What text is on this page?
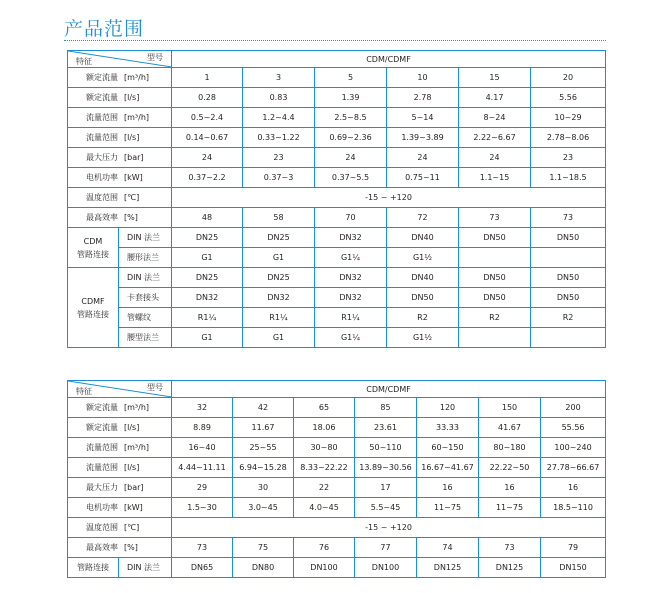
产品范围
型号
特征		CDM/CDMF					
额定流量 [m³/h]		1	3	5	10	15	20
额定流量 [l/s]		0.28	0.83	1.39	2.78	4.17	5.56
流量范围 [m³/h]		0.5~2.4	1.2~4.4	2.5~8.5	5~14	8~24	10~29
流量范围 [l/s]		0.14~0.67	0.33~1.22	0.69~2.36	1.39~3.89	2.22~6.67	2.78~8.06
最大压力 [bar]		24	23	24	24	24	23
电机功率 [kW]		0.37~2.2	0.37~3	0.37~5.5	0.75~11	1.1~15	1.1~18.5
温度范围 [℃]		-15 ~ +120					
最高效率 [%]		48	58	70	72	73	73

CDM
管路连接	DIN 法兰	DN25	DN25	DN32	DN40	DN50	DN50
	腰形法兰	G1	G1	G1¼	G1½		

CDMF
管路连接	DIN 法兰	DN25	DN25	DN32	DN40	DN50	DN50
	卡套接头	DN32	DN32	DN32	DN50	DN50	DN50
	管螺纹	R1¼	R1¼	R1¼	R2	R2	R2
	腰型法兰	G1	G1	G1¼	G1½		
型号
特征		CDM/CDMF						
额定流量 [m³/h]		32	42	65	85	120	150	200
额定流量 [l/s]		8.89	11.67	18.06	23.61	33.33	41.67	55.56
流量范围 [m³/h]		16~40	25~55	30~80	50~110	60~150	80~180	100~240
流量范围 [l/s]		4.44~11.11	6.94~15.28	8.33~22.22	13.89~30.56	16.67~41.67	22.22~50	27.78~66.67
最大压力 [bar]		29	30	22	17	16	16	16
电机功率 [kW]		1.5~30	3.0~45	4.0~45	5.5~45	11~75	11~75	18.5~110
温度范围 [℃]		-15 ~ +120						
最高效率 [%]		73	75	76	77	74	73	79
管路连接	DIN 法兰	DN65	DN80	DN100	DN100	DN125	DN125	DN150
